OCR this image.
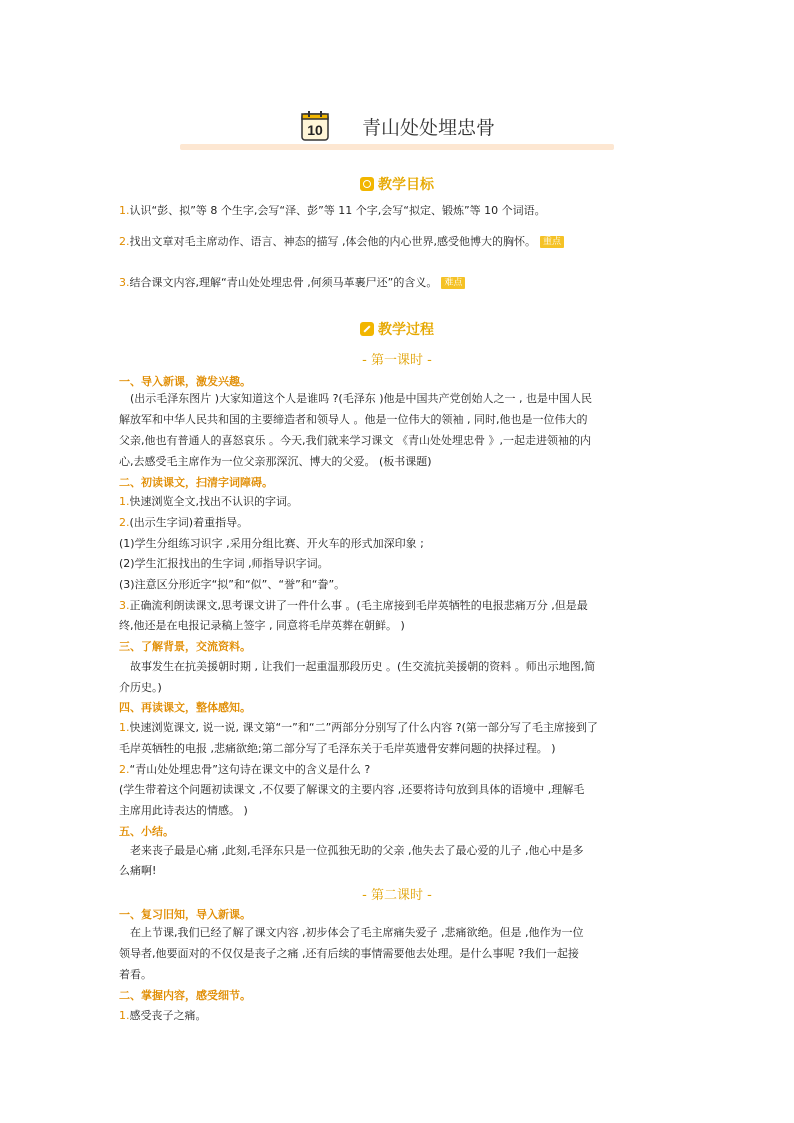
10 青山处处埋忠骨
教学目标
1.认识“彭、拟”等 8 个生字,会写“泽、彭”等 11 个字,会写“拟定、锻炼”等 10 个词语。
2.找出文章对毛主席动作、语言、神态的描写 ,体会他的内心世界,感受他博大的胸怀。 重点
3.结合课文内容,理解“青山处处埋忠骨 ,何须马革裹尸还”的含义。 难点
教学过程
- 第一课时 -
一、导入新课，激发兴趣。
(出示毛泽东图片 )大家知道这个人是谁吗 ?(毛泽东 )他是中国共产党创始人之一 , 也是中国人民
解放军和中华人民共和国的主要缔造者和领导人 。他是一位伟大的领袖 , 同时,他也是一位伟大的
父亲,他也有普通人的喜怒哀乐 。今天,我们就来学习课文 《青山处处埋忠骨 》,一起走进领袖的内
心,去感受毛主席作为一位父亲那深沉、博大的父爱。 (板书课题)
二、初读课文，扫清字词障碍。
1.快速浏览全文,找出不认识的字词。
2.(出示生字词)着重指导。
(1)学生分组练习识字 ,采用分组比赛、开火车的形式加深印象 ;
(2)学生汇报找出的生字词 ,师指导识字词。
(3)注意区分形近字“拟”和“似”、“誉”和“誊”。
3.正确流利朗读课文,思考课文讲了一件什么事 。(毛主席接到毛岸英牺牲的电报悲痛万分 ,但是最
终,他还是在电报记录稿上签字 , 同意将毛岸英葬在朝鲜。 )
三、了解背景，交流资料。
故事发生在抗美援朝时期 , 让我们一起重温那段历史 。(生交流抗美援朝的资料 。师出示地图,简
介历史。)
四、再读课文，整体感知。
1.快速浏览课文, 说一说, 课文第“一”和“二”两部分分别写了什么内容 ?(第一部分写了毛主席接到了
毛岸英牺牲的电报 ,悲痛欲绝;第二部分写了毛泽东关于毛岸英遗骨安葬问题的抉择过程。 )
2.“青山处处埋忠骨”这句诗在课文中的含义是什么 ?
(学生带着这个问题初读课文 ,不仅要了解课文的主要内容 ,还要将诗句放到具体的语境中 ,理解毛
主席用此诗表达的情感。 )
五、小结。
老来丧子最是心痛 ,此刻,毛泽东只是一位孤独无助的父亲 ,他失去了最心爱的儿子 ,他心中是多
么痛啊!
- 第二课时 -
一、复习旧知，导入新课。
在上节课,我们已经了解了课文内容 ,初步体会了毛主席痛失爱子 ,悲痛欲绝。但是 ,他作为一位
领导者,他要面对的不仅仅是丧子之痛 ,还有后续的事情需要他去处理。是什么事呢 ?我们一起接
着看。
二、掌握内容，感受细节。
1.感受丧子之痛。
